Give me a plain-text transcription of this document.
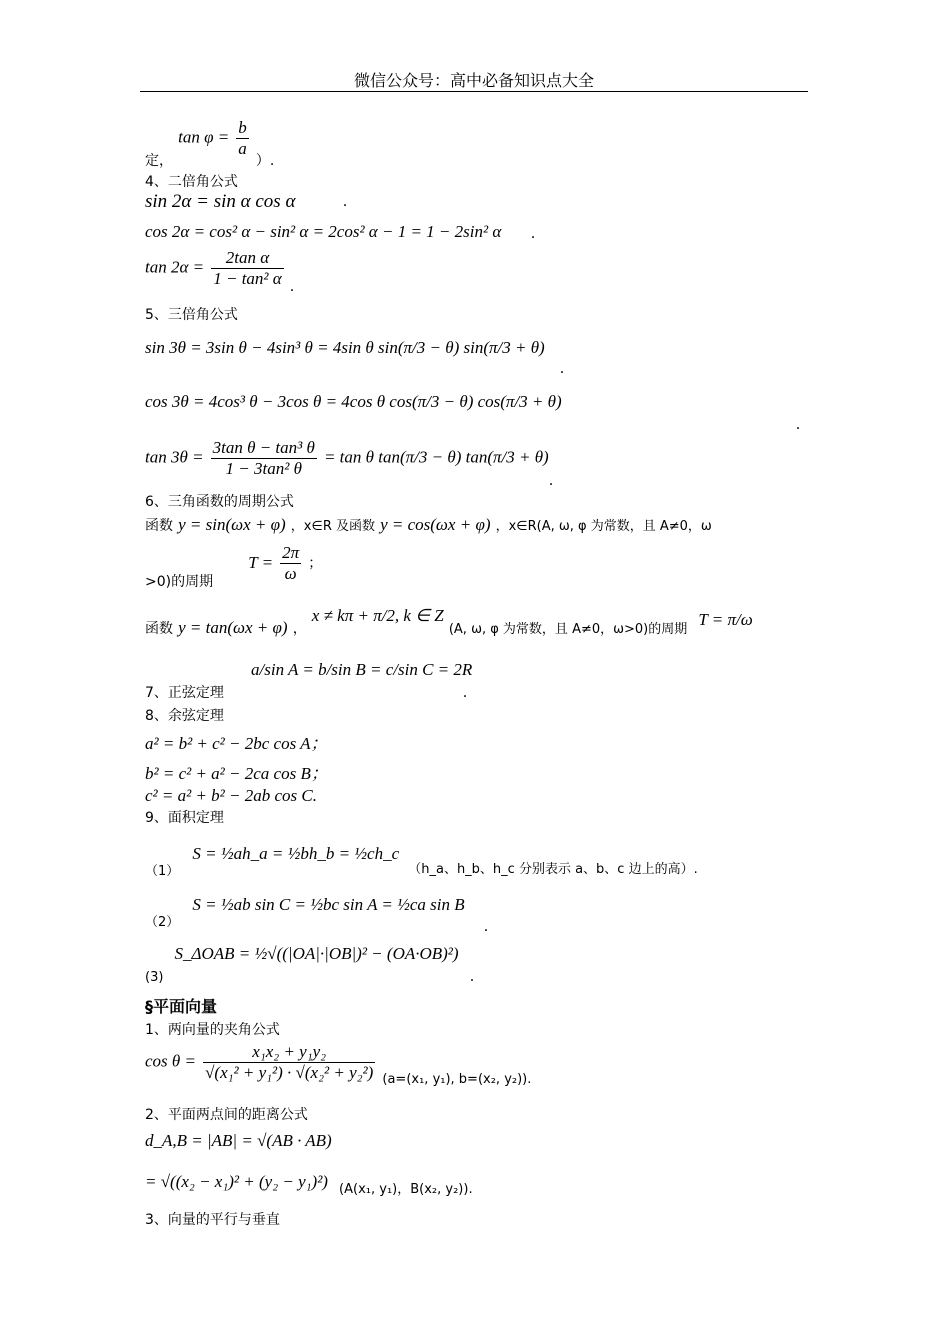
微信公众号：高中必备知识点大全
定， $\tan \varphi = \frac{b}{a}$
）.
4、二倍角公式
sin 2α = sin α cos α
cos 2α = cos² α − sin² α = 2cos² α − 1 = 1 − 2sin² α
$\tan 2\alpha = \frac{\text{2tan α}}{\text{1 − tan² α}}$
5、三倍角公式
sin 3θ = 3sin θ − 4sin³ θ = 4sin θ sin(π/3 − θ) sin(π/3 + θ)
cos 3θ = 4cos³ θ − 3cos θ = 4cos θ cos(π/3 − θ) cos(π/3 + θ)
$\tan 3\theta = \frac{\text{3tan θ − tan³ θ}}{\text{1 − 3tan² θ}} = \tan \theta$ tan(π/3 − θ) tan(π/3 + θ)
6、三角函数的周期公式
函数 y = sin(ωx + φ) ，x∈R 及函数 y = cos(ωx + φ) ，x∈R(A, ω, φ 为常数，且 A≠0，ω
>0)的周期 $T = \frac{2\pi}{\omega}$ ；
函数 y = tan(ωx + φ) ， x ≠ kπ + π/2, k ∈ Z (A, ω, φ 为常数，且 A≠0，ω>0)的周期 T = π/ω
7、正弦定理 a/sin A = b/sin B = c/sin C = 2R
8、余弦定理
a² = b² + c² − 2bc cos A；
b² = c² + a² − 2ca cos B；
c² = a² + b² − 2ab cos C.
9、面积定理
$_{(1)}$ S = ½ah_a = ½bh_b = ½ch_c $_{(h\_a、h\_b、h\_c 分别表示 a、b、c 边上的高).}$
$_{(2)}$ S = ½ab sin C = ½bc sin A = ½ca sin B
.
$_{(3)}$ S_ΔOAB = ½√((|OA|·|OB|)² − (OA·OB)²)
§平面向量
1、两向量的夹角公式
$\cos \theta = \frac{\text{x₁x₂ + y₁y₂}}{\text{√(x₁² + y₁²) · √(x₂² + y₂²)}} _{(a=(x_1, y_1), b=(x_2, y_2)).}$
2、平面两点间的距离公式
d_A,B = |AB| = √(AB · AB)
= √((x₂ − x₁)² + (y₂ − y₁)²) $_{(A(x_1, y_1),B(x_2, y_2)).}$
3、向量的平行与垂直
.
.
.
.
.
.
.
.
